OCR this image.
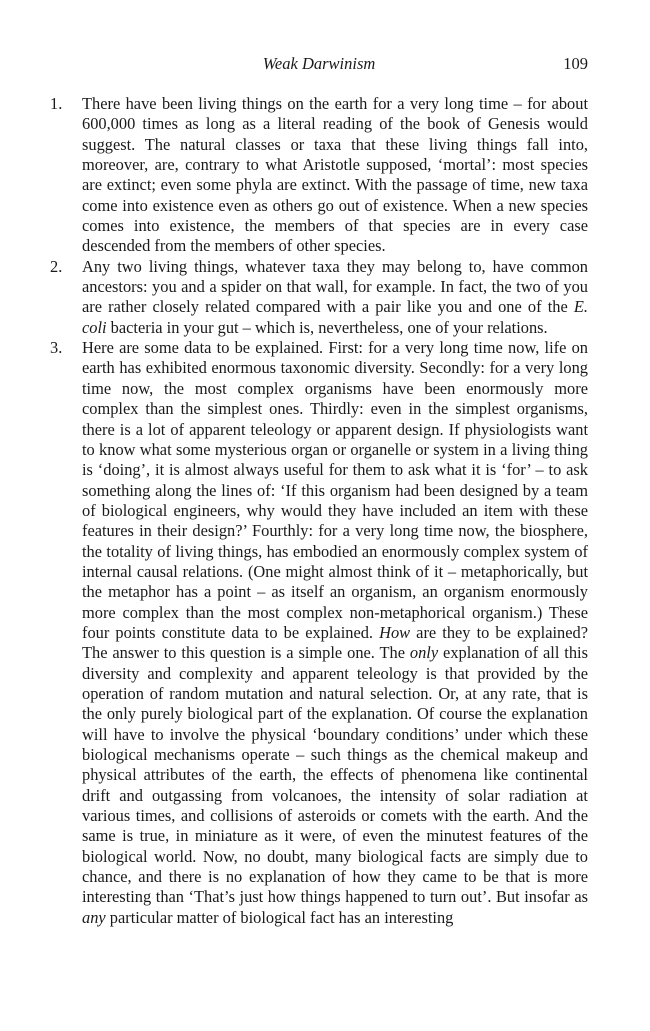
Weak Darwinism	109
1. There have been living things on the earth for a very long time – for about 600,000 times as long as a literal reading of the book of Genesis would suggest. The natural classes or taxa that these living things fall into, moreover, are, contrary to what Aristotle supposed, ‘mortal’: most species are extinct; even some phyla are extinct. With the passage of time, new taxa come into existence even as others go out of existence. When a new species comes into existence, the members of that species are in every case descended from the members of other species.
2. Any two living things, whatever taxa they may belong to, have common ancestors: you and a spider on that wall, for example. In fact, the two of you are rather closely related compared with a pair like you and one of the E. coli bacteria in your gut – which is, nevertheless, one of your relations.
3. Here are some data to be explained. First: for a very long time now, life on earth has exhibited enormous taxonomic diversity. Secondly: for a very long time now, the most complex organisms have been enormously more complex than the simplest ones. Thirdly: even in the simplest organisms, there is a lot of apparent teleology or apparent design. If physiologists want to know what some mysterious organ or organelle or system in a living thing is ‘doing’, it is almost always useful for them to ask what it is ‘for’ – to ask something along the lines of: ‘If this organism had been designed by a team of biological engineers, why would they have included an item with these features in their design?’ Fourthly: for a very long time now, the biosphere, the totality of living things, has embodied an enormously complex system of internal causal relations. (One might almost think of it – metaphorically, but the metaphor has a point – as itself an organism, an organism enormously more complex than the most complex non-metaphorical organism.) These four points constitute data to be explained. How are they to be explained? The answer to this question is a simple one. The only explanation of all this diversity and complexity and apparent teleology is that provided by the operation of random mutation and natural selection. Or, at any rate, that is the only purely biological part of the explanation. Of course the explanation will have to involve the physical ‘boundary conditions’ under which these biological mechanisms operate – such things as the chemical makeup and physical attributes of the earth, the effects of phenomena like continental drift and outgassing from volcanoes, the intensity of solar radiation at various times, and collisions of asteroids or comets with the earth. And the same is true, in miniature as it were, of even the minutest features of the biological world. Now, no doubt, many biological facts are simply due to chance, and there is no explanation of how they came to be that is more interesting than ‘That’s just how things happened to turn out’. But insofar as any particular matter of biological fact has an interesting
